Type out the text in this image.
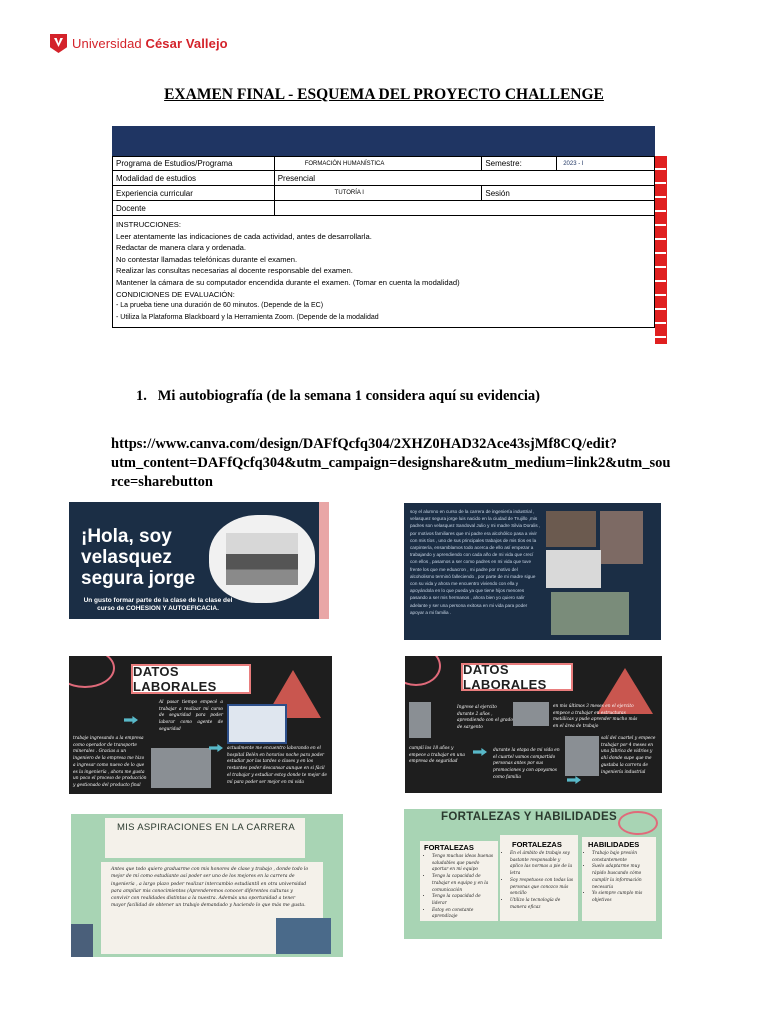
Universidad César Vallejo
EXAMEN FINAL - ESQUEMA DEL PROYECTO CHALLENGE
Programa de Estudios/Programa	FORMACIÓN HUMANÍSTICA	Semestre:	2023 - I
Modalidad de estudios	Presencial
Experiencia curricular	TUTORÍA I	Sesión
Docente
INSTRUCCIONES:
Leer atentamente las indicaciones de cada actividad, antes de desarrollarla.
Redactar de manera clara y ordenada.
No contestar llamadas telefónicas durante el examen.
Realizar las consultas necesarias al docente responsable del examen.
Mantener la cámara de su computador encendida durante el examen. (Tomar en cuenta la modalidad)
CONDICIONES DE EVALUACIÓN:
- La prueba tiene una duración de 60 minutos. (Depende de la EC)
- Utiliza la Plataforma Blackboard y la Herramienta Zoom. (Depende de la modalidad
1. Mi autobiografía (de la semana 1 considera aquí su evidencia)
https://www.canva.com/design/DAFfQcfq304/2XHZ0HAD32Ace43sjMf8CQ/edit?utm_content=DAFfQcfq304&utm_campaign=designshare&utm_medium=link2&utm_source=sharebutton
¡Hola, soy velasquez segura jorge
Un gusto formar parte de la clase de la clase del curso de COHESION Y AUTOEFICACIA.
soy el alumno en curso de la carrera de ingeniería industrial , velasquez segura jorge luis nacido en la ciudad de Trujillo ,mis padres son velasquez Sandoval Julio y mi madre Silvia Doralis , por motivos familiares que mi padre era alcohólico pasa a vivir con mis tíos , uno de sus principales trabajos de mis tíos es la carpintería, ensamblamos todo acerca de ello así empezar a trabajando y aprendiendo con cada año de mi vida que crecí con ellos , pasamos a ser como padres en mi vida que tuve frente los que me eduacron , mi padre por motivo del alcoholismo terminó falleciendo , por parte de mi madre sigue con su vida y ahora me encuentro viviendo con ella y apoyándola en lo que pueda ya que tiene hijos menores pasando a ser mis hermanos , ahora bien yo quiero salir adelante y ser una persona exitosa en mi vida para poder apoyar a mi familia .
DATOS LABORALES
Al pasar tiempo empecé a trabajar a realizar mi curso de seguridad para poder laborar como agente de seguridad
trabaje ingresando a la empresa como operador de transporte minerales . Gracias a un ingeniero de la empresa me hizo a ingresar como nuevo de lo que es la ingeniería , ahora me gusta un poco el proceso de producción y gestionado del producto final
actualmente me encuentro laborando en el hospital Belén en horarios noche para poder estudiar por las tardes o clases y en los restantes poder descansar aunque en si fácil el trabajar y estudiar estoy donde te mejor de mí para poder ser mejor en mi vida
DATOS LABORALES
Ingrese al ejercito durante 2 años , aprendiendo con el grado de sargento
en mis últimos 3 meses en el ejercito empece a trabajar en estructuras metálicas y pude aprender mucho más en el área de trabajo
cumplí los 18 años y empece a trabajar en una empresa de seguridad
durante la etapa de mi vida en el cuartel vamos compartido personas antes por sus promociones y con apoyamos como familia
salí del cuartel y empece trabajar por 4 meses en una fábrica de vidrios y ahí donde supe que me gustaba la carrera de ingeniería industrial
MIS ASPIRACIONES EN LA CARRERA
Antes que todo quiero graduarme con mis honores de clase y trabajo , donde todo lo mejor de mí como estudiante así poder ser uno de los mejores en la carrera de ingeniería , a largo plazo poder realizar intercambio estudiantil en otra universidad para ampliar mis conocimientos (Aprenderemos conocer diferentes culturas y convivir con realidades distintas a la nuestra. Además una oportunidad a tener mayor facilidad de obtener un trabajo demandado y haciendo lo que más me gusta.
FORTALEZAS Y HABILIDADES
FORTALEZAS
• Tengo muchas ideas buenas saludables que puedo aportar en mi equipo
• Tengo la capacidad de trabajar en equipo y en la comunicación
• Tengo la capacidad de liderar
• Estoy en constante aprendizaje
FORTALEZAS
• En el ámbito de trabajo soy bastante responsable y aplico las normas a pie de la letra
• Soy respetuoso con todas las personas que conozco más sencillo
• Utilizo la tecnología de manera eficaz
HABILIDADES
• Trabajo bajo presión constantemente
• Suelo adaptarme muy rápido buscando cómo cumplir la información necesaria
• Yo siempre cumplo mis objetivos
